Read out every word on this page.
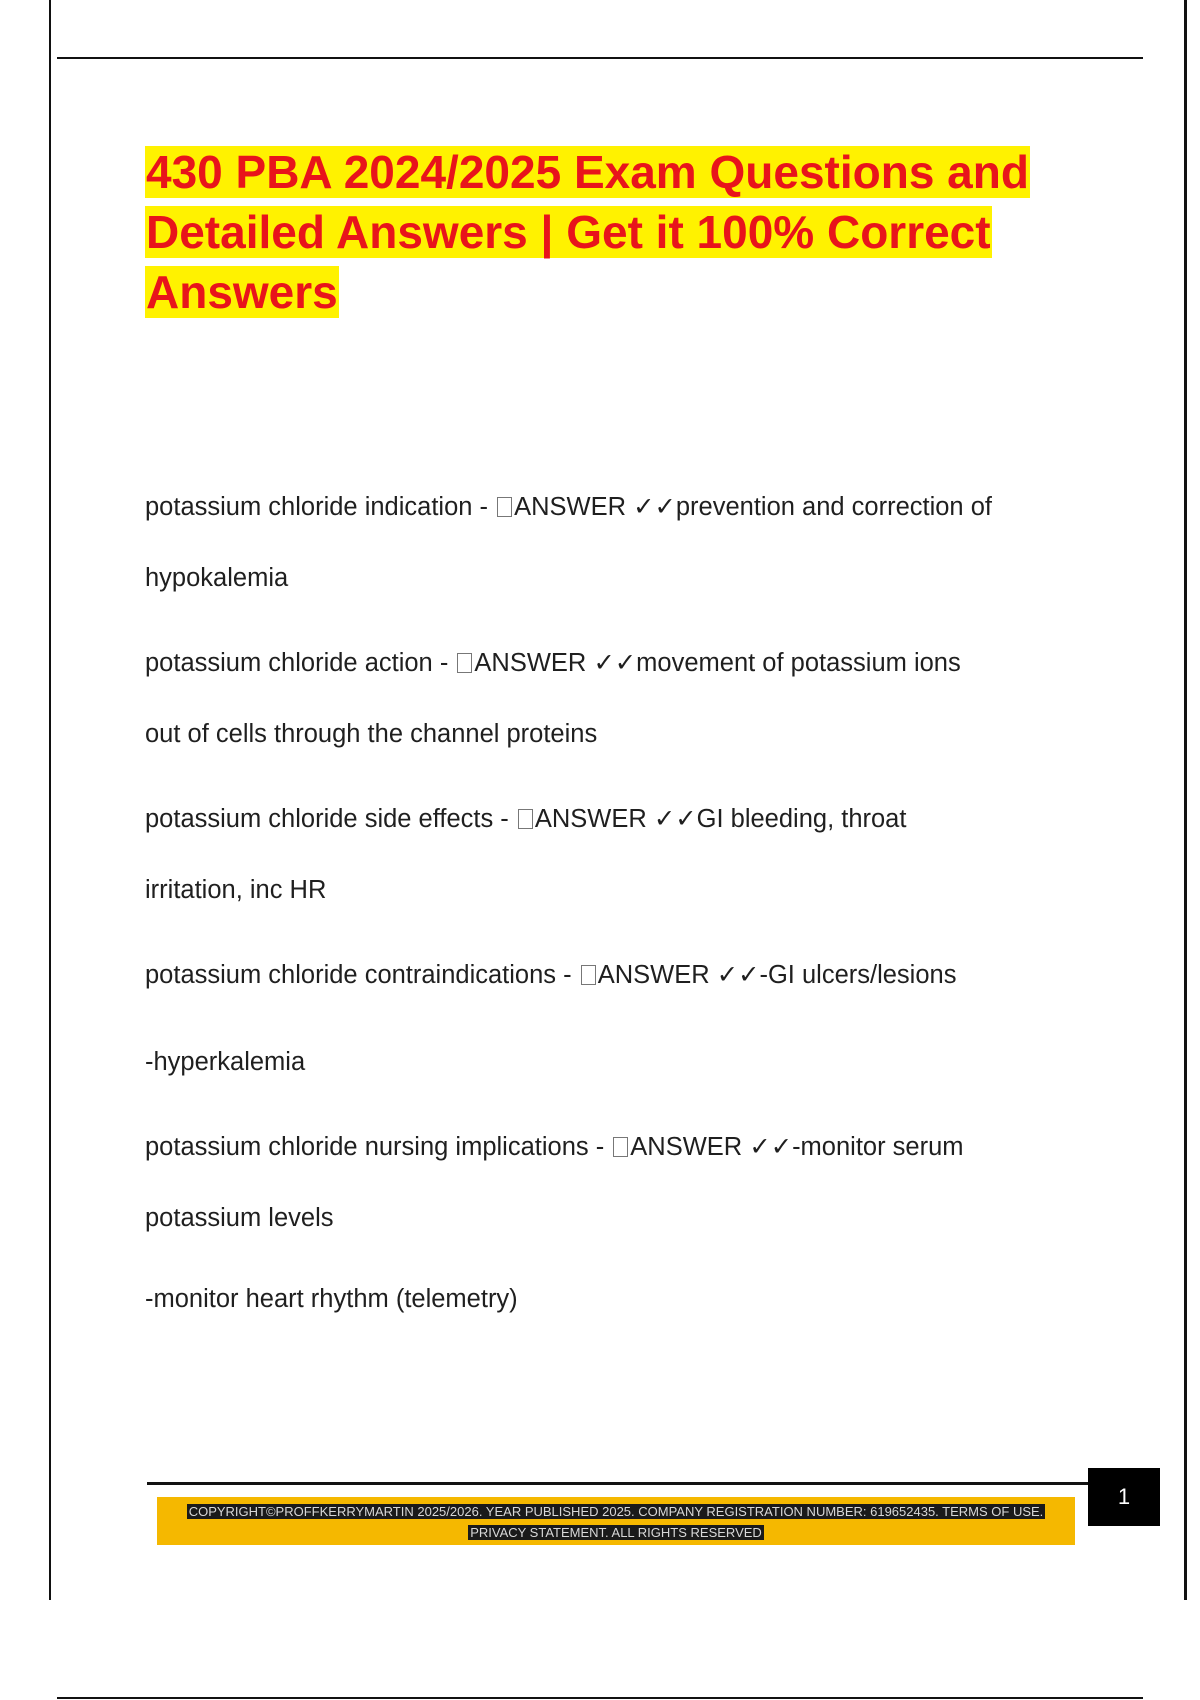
430 PBA 2024/2025 Exam Questions and
Detailed Answers | Get it 100% Correct
Answers
potassium chloride indication - ANSWER ✓✓prevention and correction of
hypokalemia
potassium chloride action - ANSWER ✓✓movement of potassium ions
out of cells through the channel proteins
potassium chloride side effects - ANSWER ✓✓GI bleeding, throat
irritation, inc HR
potassium chloride contraindications - ANSWER ✓✓-GI ulcers/lesions
-hyperkalemia
potassium chloride nursing implications - ANSWER ✓✓-monitor serum
potassium levels
-monitor heart rhythm (telemetry)
1
COPYRIGHT©PROFFKERRYMARTIN 2025/2026. YEAR PUBLISHED 2025. COMPANY REGISTRATION NUMBER: 619652435. TERMS OF USE.
PRIVACY STATEMENT. ALL RIGHTS RESERVED
